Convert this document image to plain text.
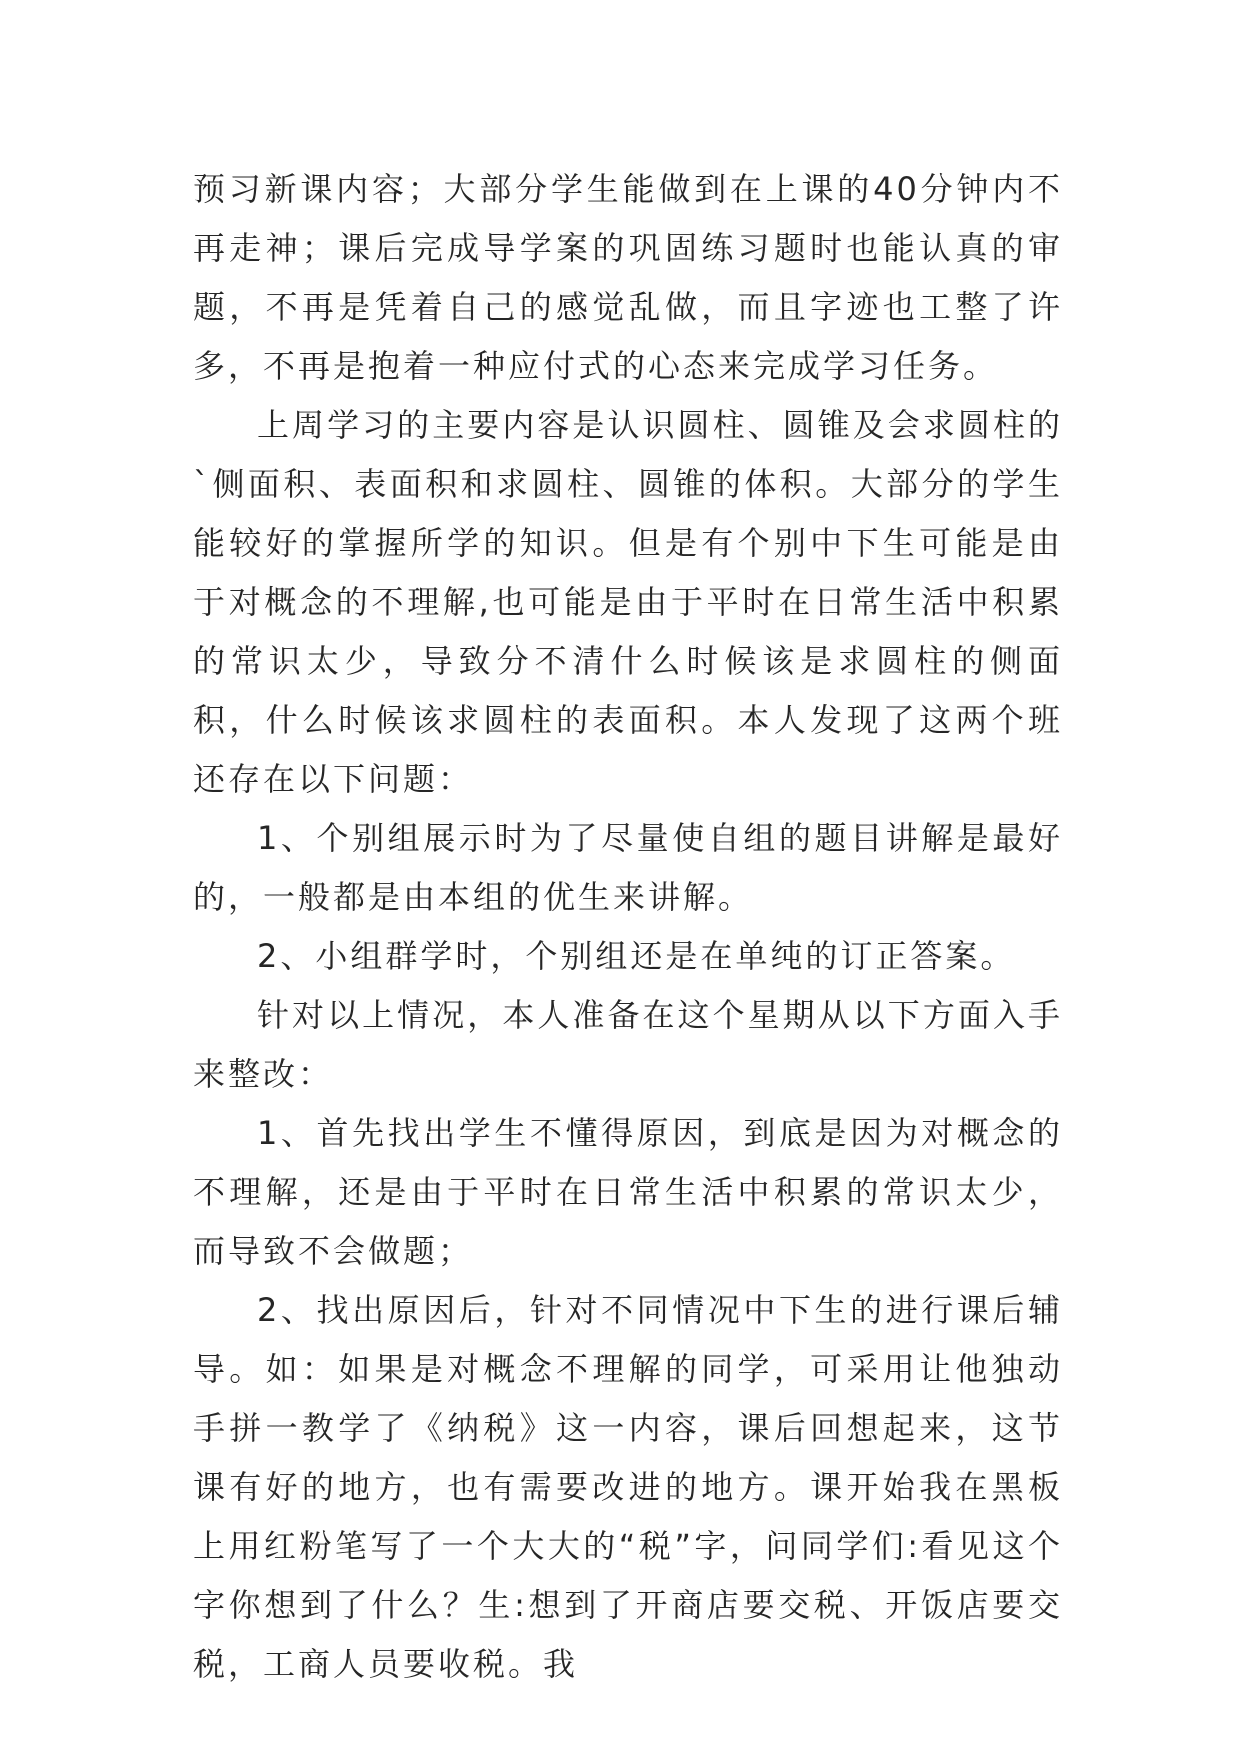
预习新课内容；大部分学生能做到在上课的40分钟内不再走神；课后完成导学案的巩固练习题时也能认真的审题，不再是凭着自己的感觉乱做，而且字迹也工整了许多，不再是抱着一种应付式的心态来完成学习任务。

上周学习的主要内容是认识圆柱、圆锥及会求圆柱的`侧面积、表面积和求圆柱、圆锥的体积。大部分的学生能较好的掌握所学的知识。但是有个别中下生可能是由于对概念的不理解,也可能是由于平时在日常生活中积累的常识太少，导致分不清什么时候该是求圆柱的侧面积，什么时候该求圆柱的表面积。本人发现了这两个班还存在以下问题：

1、个别组展示时为了尽量使自组的题目讲解是最好的，一般都是由本组的优生来讲解。

2、小组群学时，个别组还是在单纯的订正答案。

针对以上情况，本人准备在这个星期从以下方面入手来整改：

1、首先找出学生不懂得原因，到底是因为对概念的不理解，还是由于平时在日常生活中积累的常识太少，而导致不会做题；

2、找出原因后，针对不同情况中下生的进行课后辅导。如：如果是对概念不理解的同学，可采用让他独动手拼一教学了《纳税》这一内容，课后回想起来，这节课有好的地方，也有需要改进的地方。课开始我在黑板上用红粉笔写了一个大大的“税”字，问同学们:看见这个字你想到了什么？生:想到了开商店要交税、开饭店要交税，工商人员要收税。我
